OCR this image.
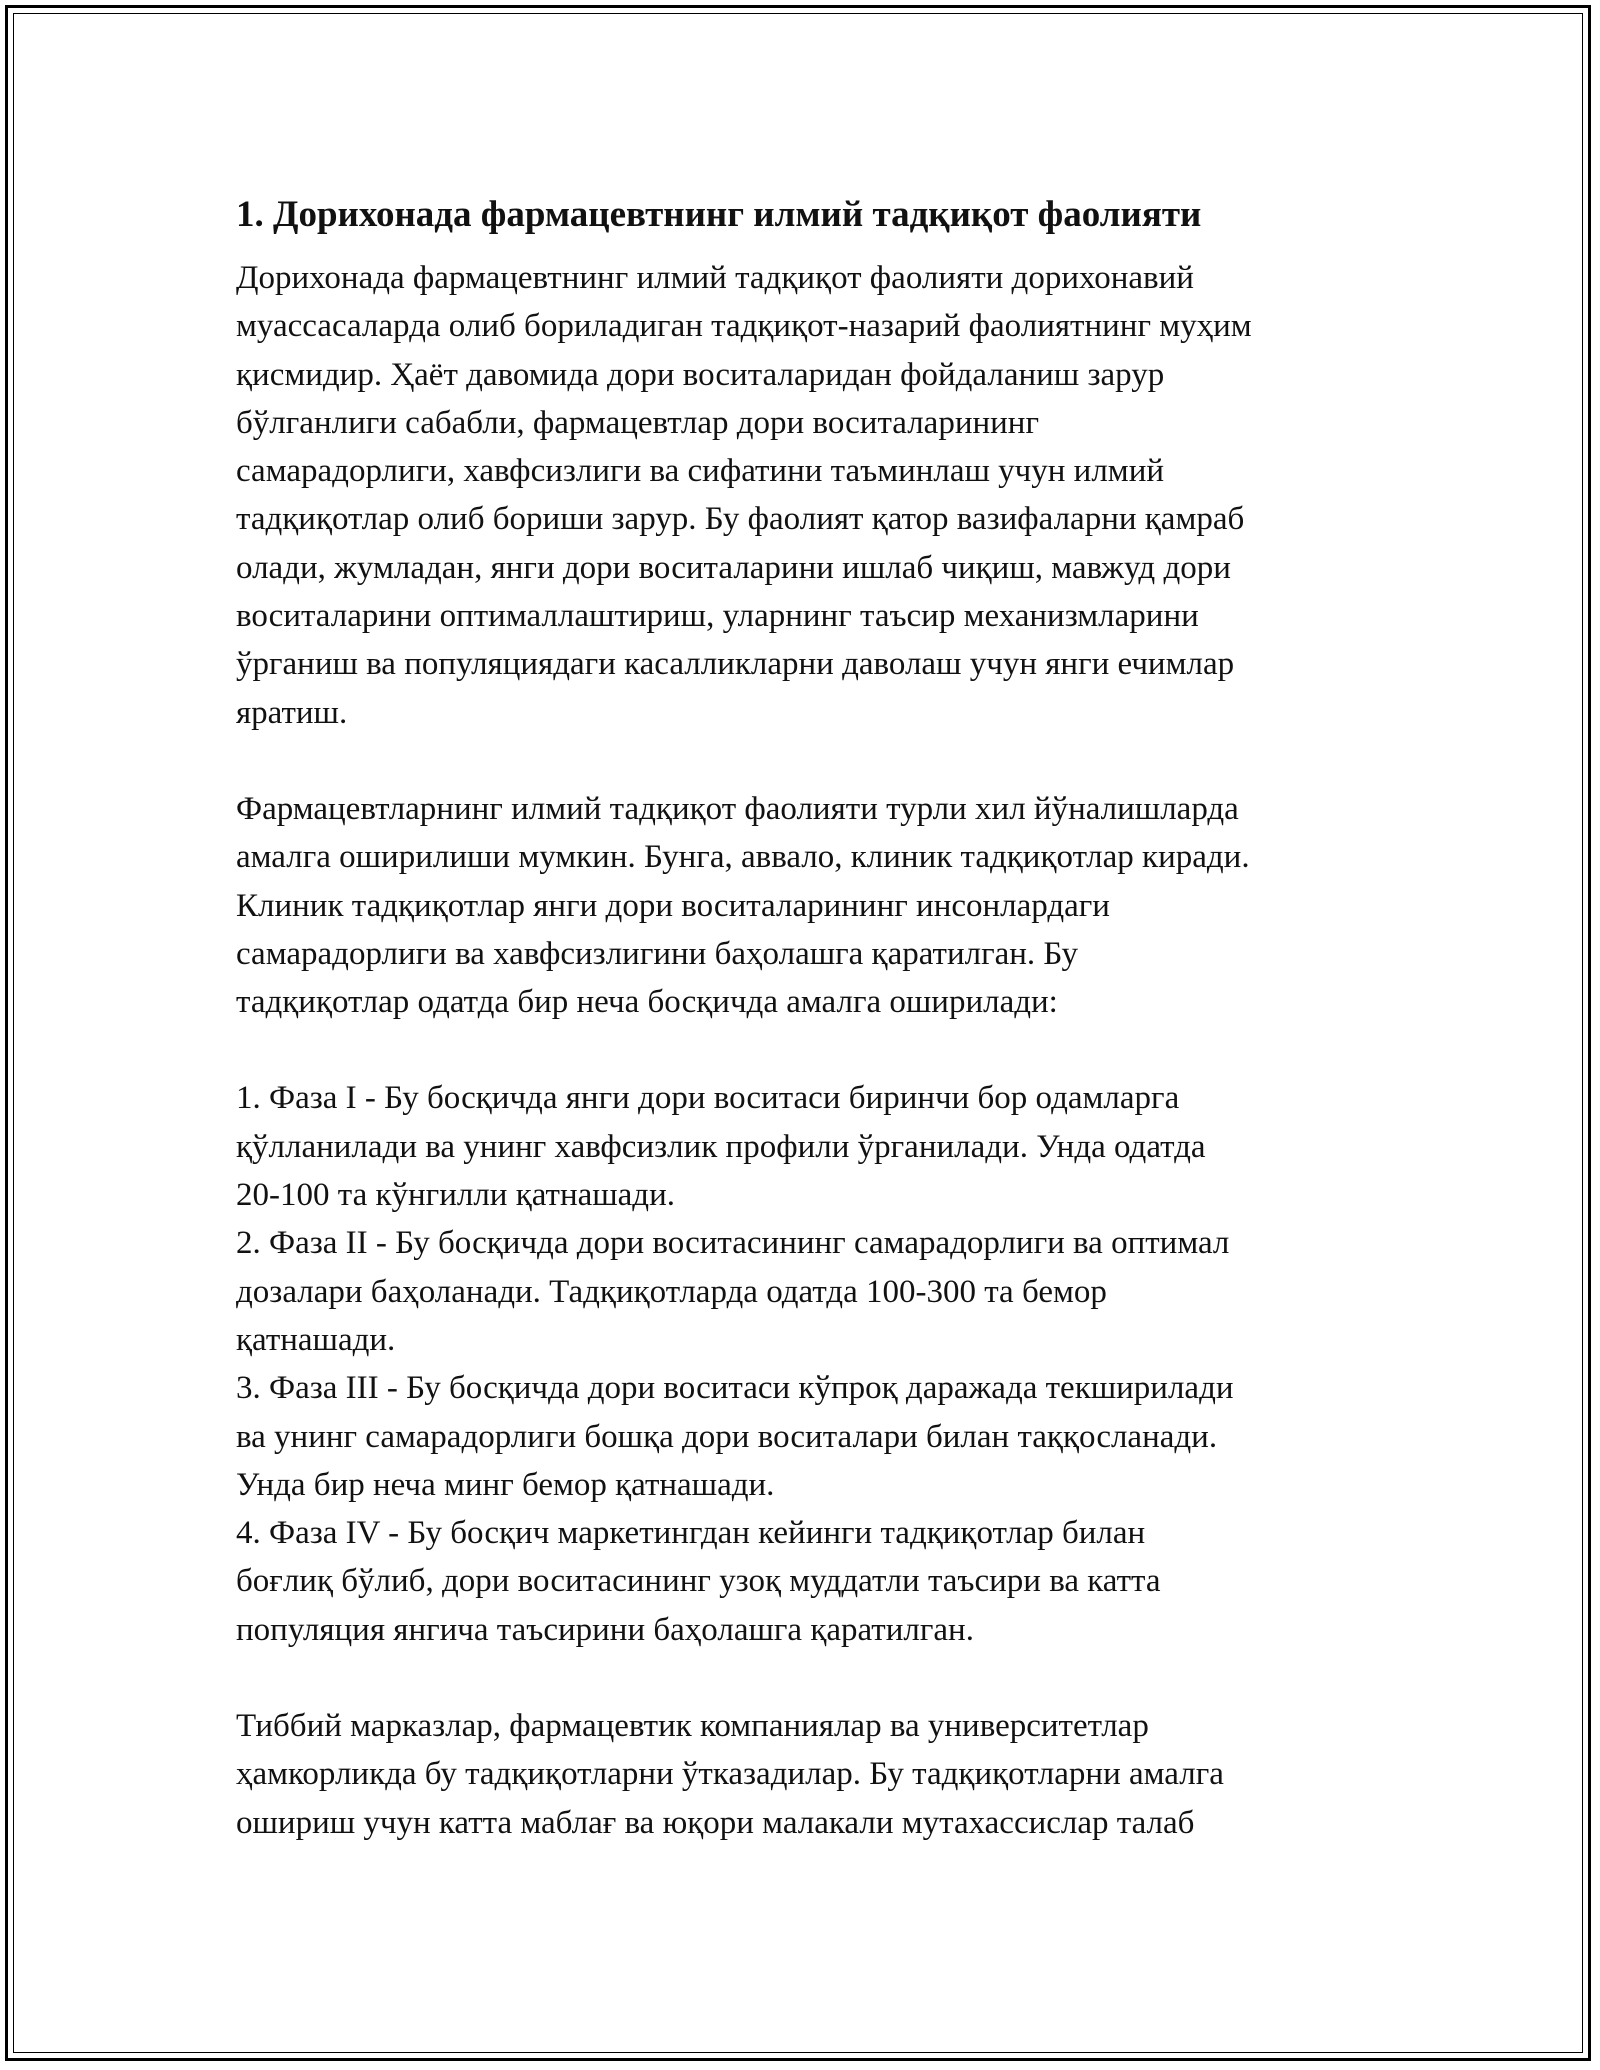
1. Дорихонада фармацевтнинг илмий тадқиқот фаолияти

Дорихонада фармацевтнинг илмий тадқиқот фаолияти дорихонавий
муассасаларда олиб бориладиган тадқиқот-назарий фаолиятнинг муҳим
қисмидир. Ҳаёт давомида дори воситаларидан фойдаланиш зарур
бўлганлиги сабабли, фармацевтлар дори воситаларининг
самарадорлиги, хавфсизлиги ва сифатини таъминлаш учун илмий
тадқиқотлар олиб бориши зарур. Бу фаолият қатор вазифаларни қамраб
олади, жумладан, янги дори воситаларини ишлаб чиқиш, мавжуд дори
воситаларини оптималлаштириш, уларнинг таъсир механизмларини
ўрганиш ва популяциядаги касалликларни даволаш учун янги ечимлар
яратиш.

Фармацевтларнинг илмий тадқиқот фаолияти турли хил йўналишларда
амалга оширилиши мумкин. Бунга, аввало, клиник тадқиқотлар киради.
Клиник тадқиқотлар янги дори воситаларининг инсонлардаги
самарадорлиги ва хавфсизлигини баҳолашга қаратилган. Бу
тадқиқотлар одатда бир неча босқичда амалга оширилади:

1. Фаза I - Бу босқичда янги дори воситаси биринчи бор одамларга
қўлланилади ва унинг хавфсизлик профили ўрганилади. Унда одатда
20-100 та кўнгилли қатнашади.
2. Фаза II - Бу босқичда дори воситасининг самарадорлиги ва оптимал
дозалари баҳоланади. Тадқиқотларда одатда 100-300 та бемор
қатнашади.
3. Фаза III - Бу босқичда дори воситаси кўпроқ даражада текширилади
ва унинг самарадорлиги бошқа дори воситалари билан таққосланади.
Унда бир неча минг бемор қатнашади.
4. Фаза IV - Бу босқич маркетингдан кейинги тадқиқотлар билан
боғлиқ бўлиб, дори воситасининг узоқ муддатли таъсири ва катта
популяция янгича таъсирини баҳолашга қаратилган.

Тиббий марказлар, фармацевтик компаниялар ва университетлар
ҳамкорликда бу тадқиқотларни ўтказадилар. Бу тадқиқотларни амалга
ошириш учун катта маблағ ва юқори малакали мутахассислар талаб
